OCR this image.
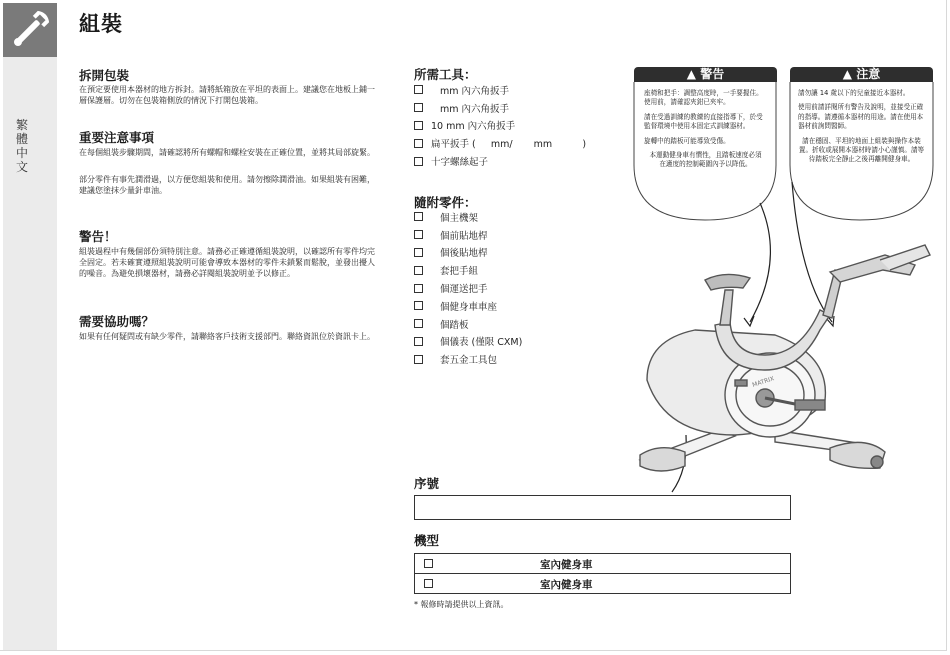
繁體中文
組裝
拆開包裝

在預定要使用本器材的地方拆封。請將紙箱放在平坦的表面上。建議您在地板上鋪一層保護層。切勿在包裝箱側放的情況下打開包裝箱。

重要注意事項

在每個組裝步驟期間，請確認將所有螺帽和螺栓安裝在正確位置，並將其局部旋緊。

部分零件有事先潤滑過，以方便您組裝和使用。請勿擦除潤滑油。如果組裝有困難，建議您塗抹少量針車油。

警告！

組裝過程中有幾個部份須特別注意。請務必正確遵循組裝說明，以確認所有零件均完全固定。若未確實遵照組裝說明可能會導致本器材的零件未鎖緊而鬆脫，並發出擾人的噪音。為避免損壞器材，請務必詳閱組裝說明並予以修正。

需要協助嗎？

如果有任何疑問或有缺少零件，請聯絡客戶技術支援部門。聯絡資訊位於資訊卡上。

所需工具：
mm 內六角扳手
mm 內六角扳手
10 mm 內六角扳手
扁平扳手 (     mm/       mm          )
十字螺絲起子
隨附零件：
個主機架
個前貼地桿
個後貼地桿
套把手組
個運送把手
個健身車車座
個踏板
個儀表 (僅限 CXM)
套五金工具包
▲ 警告

座椅和把手：調整高度時，一手要握住。使用前，請確認夾鉗已夾牢。

請在受過訓練的教練的直接指導下，於受監督環境中使用本固定式訓練器材。

旋轉中的踏板可能導致受傷。

本運動健身車有慣性，且踏板速度必須在適度的控制範圍內予以降低。

▲ 注意

請勿讓 14 歲以下的兒童接近本器材。

使用前請詳閱所有警告及說明，並接受正確的指導。請遵循本器材的用途。請在使用本器材前詢問醫師。

請在穩固、平坦的地面上組裝與操作本裝置。折收或展開本器材時請小心謹慎。請等待踏板完全靜止之後再離開健身車。

MATRIX
序號
機型
室內健身車
室內健身車
* 報修時請提供以上資訊。
